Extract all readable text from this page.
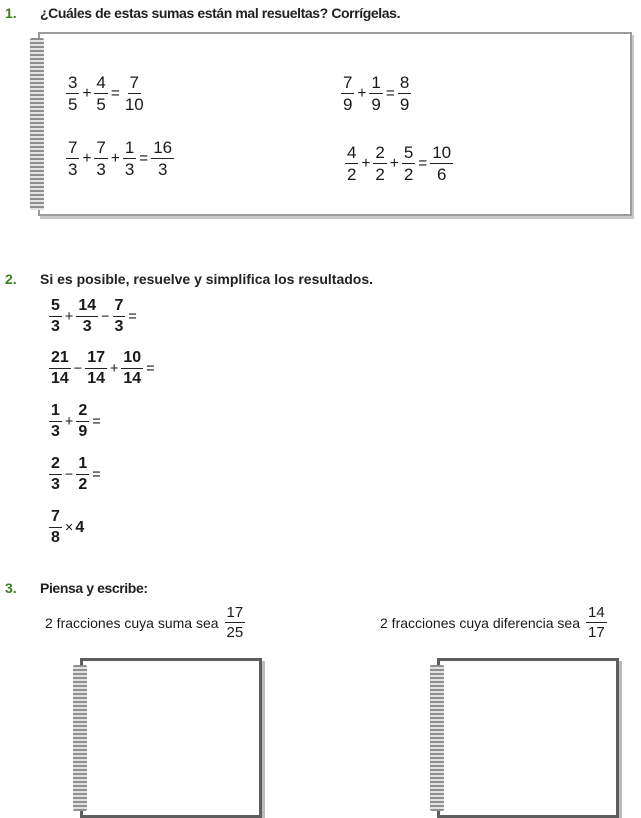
1. ¿Cuáles de estas sumas están mal resueltas? Corrígelas.
$\frac{3}{5} + \frac{4}{5} = \frac{7}{10}$	$\frac{7}{9} + \frac{1}{9} = \frac{8}{9}$
$\frac{7}{3} + \frac{7}{3} + \frac{1}{3} = \frac{16}{3}$	$\frac{4}{2} + \frac{2}{2} + \frac{5}{2} = \frac{10}{6}$
2. Si es posible, resuelve y simplifica los resultados.
$\frac{5}{3} + \frac{14}{3} - \frac{7}{3}$ =
$\frac{21}{14} - \frac{17}{14} + \frac{10}{14}$ =
$\frac{1}{3} + \frac{2}{9}$ =
$\frac{2}{3} - \frac{1}{2}$ =
$\frac{7}{8} \times 4$
3. Piensa y escribe:
2 fracciones cuya suma sea $\frac{17}{25}$	2 fracciones cuya diferencia sea $\frac{14}{17}$
